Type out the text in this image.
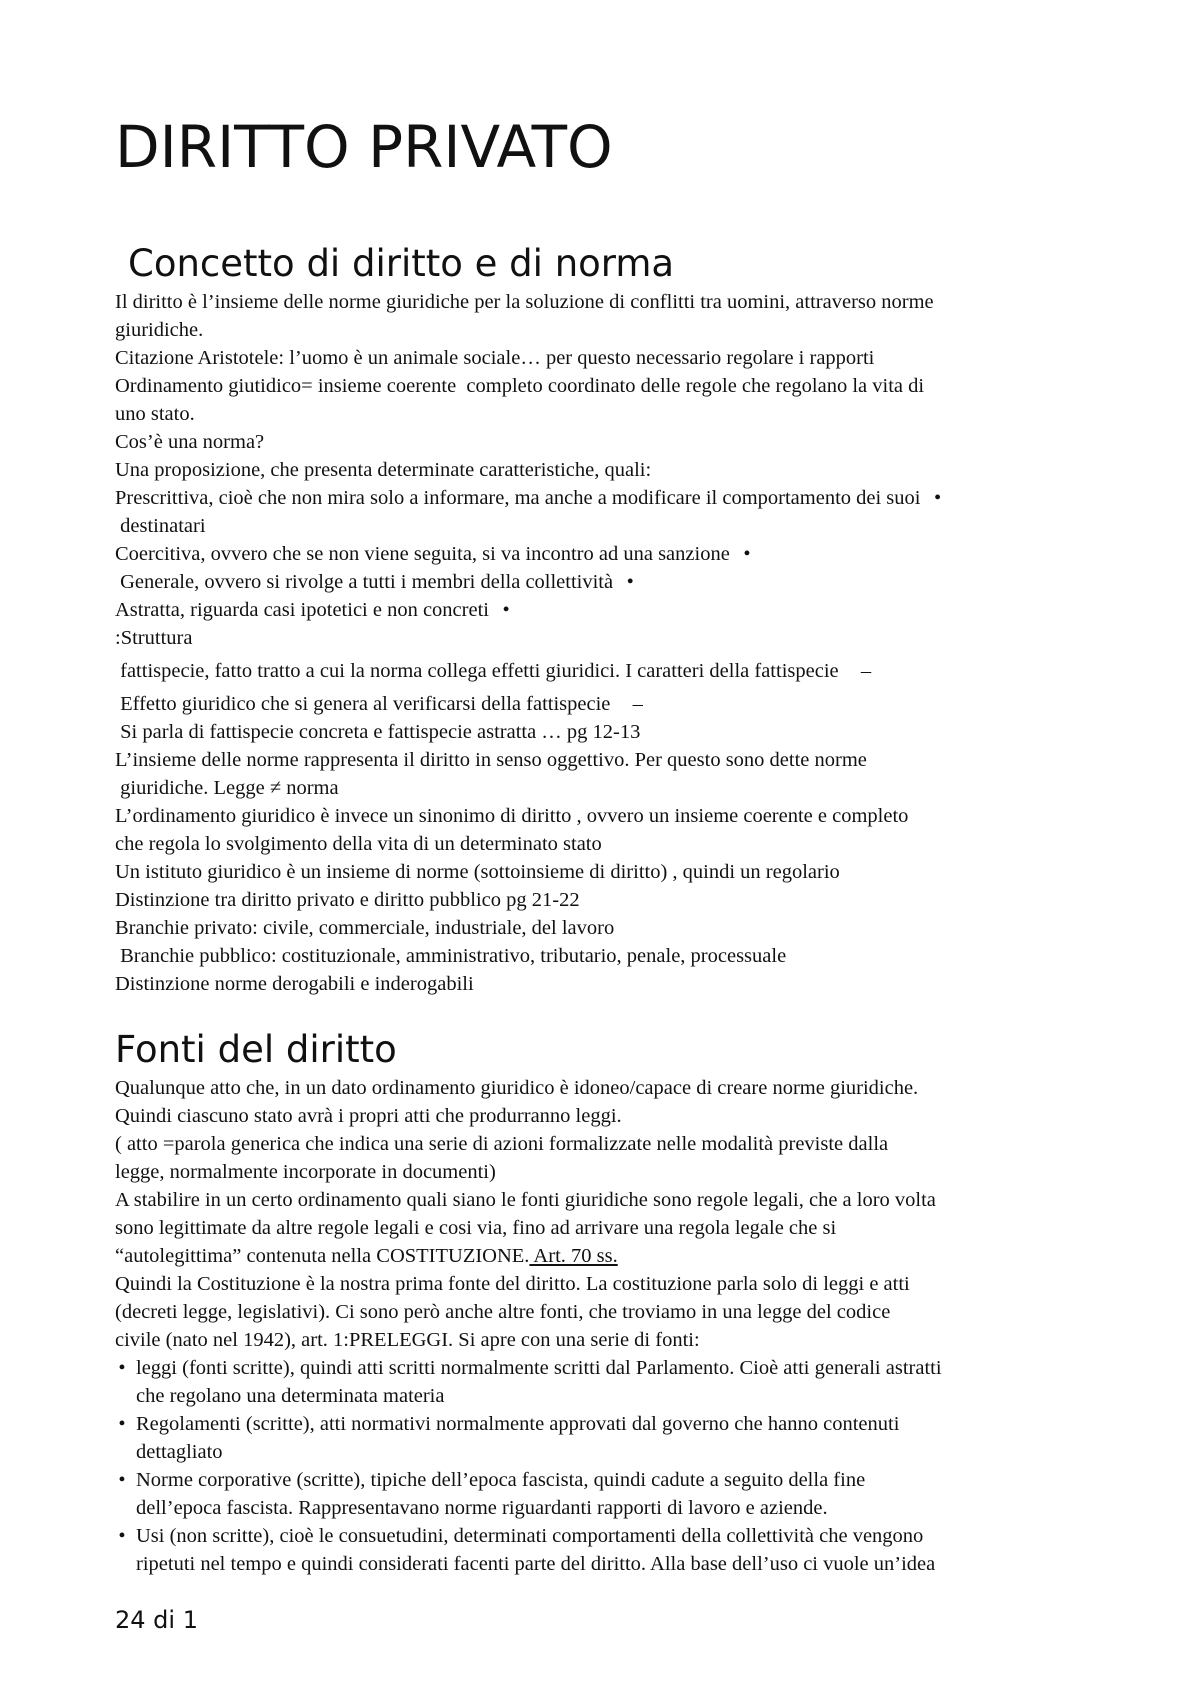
DIRITTO PRIVATO
Concetto di diritto e di norma
Il diritto è l’insieme delle norme giuridiche per la soluzione di conflitti tra uomini, attraverso norme
giuridiche.
Citazione Aristotele: l’uomo è un animale sociale… per questo necessario regolare i rapporti
Ordinamento giutidico= insieme coerente  completo coordinato delle regole che regolano la vita di
uno stato.
Cos’è una norma?
Una proposizione, che presenta determinate caratteristiche, quali:
Prescrittiva, cioè che non mira solo a informare, ma anche a modificare il comportamento dei suoi •
destinatari
Coercitiva, ovvero che se non viene seguita, si va incontro ad una sanzione •
Generale, ovvero si rivolge a tutti i membri della collettività •
Astratta, riguarda casi ipotetici e non concreti •
:Struttura
fattispecie, fatto tratto a cui la norma collega effetti giuridici. I caratteri della fattispecie –
Effetto giuridico che si genera al verificarsi della fattispecie –
Si parla di fattispecie concreta e fattispecie astratta … pg 12-13
L’insieme delle norme rappresenta il diritto in senso oggettivo. Per questo sono dette norme
giuridiche. Legge ≠ norma
L’ordinamento giuridico è invece un sinonimo di diritto , ovvero un insieme coerente e completo
che regola lo svolgimento della vita di un determinato stato
Un istituto giuridico è un insieme di norme (sottoinsieme di diritto) , quindi un regolario
Distinzione tra diritto privato e diritto pubblico pg 21-22
Branchie privato: civile, commerciale, industriale, del lavoro
Branchie pubblico: costituzionale, amministrativo, tributario, penale, processuale
Distinzione norme derogabili e inderogabili
Fonti del diritto
Qualunque atto che, in un dato ordinamento giuridico è idoneo/capace di creare norme giuridiche.
Quindi ciascuno stato avrà i propri atti che produrranno leggi.
( atto =parola generica che indica una serie di azioni formalizzate nelle modalità previste dalla
legge, normalmente incorporate in documenti)
A stabilire in un certo ordinamento quali siano le fonti giuridiche sono regole legali, che a loro volta
sono legittimate da altre regole legali e cosi via, fino ad arrivare una regola legale che si
“autolegittima” contenuta nella COSTITUZIONE. Art. 70 ss.
Quindi la Costituzione è la nostra prima fonte del diritto. La costituzione parla solo di leggi e atti
(decreti legge, legislativi). Ci sono però anche altre fonti, che troviamo in una legge del codice
civile (nato nel 1942), art. 1:PRELEGGI. Si apre con una serie di fonti:
• leggi (fonti scritte), quindi atti scritti normalmente scritti dal Parlamento. Cioè atti generali astratti
che regolano una determinata materia
• Regolamenti (scritte), atti normativi normalmente approvati dal governo che hanno contenuti
dettagliato
• Norme corporative (scritte), tipiche dell’epoca fascista, quindi cadute a seguito della fine
dell’epoca fascista. Rappresentavano norme riguardanti rapporti di lavoro e aziende.
• Usi (non scritte), cioè le consuetudini, determinati comportamenti della collettività che vengono
ripetuti nel tempo e quindi considerati facenti parte del diritto. Alla base dell’uso ci vuole un’idea
24 di 1
